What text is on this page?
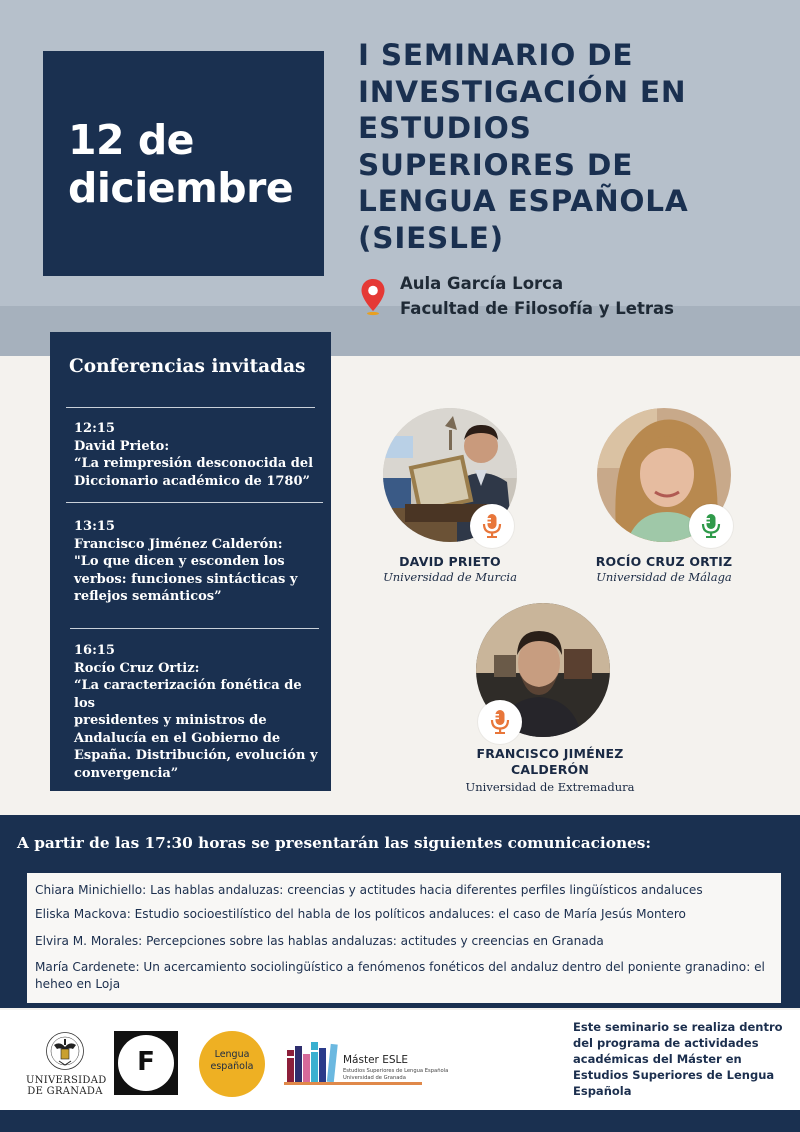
12 de
diciembre
I SEMINARIO DE
INVESTIGACIÓN EN
ESTUDIOS
SUPERIORES DE
LENGUA ESPAÑOLA
(SIESLE)
Aula García Lorca
Facultad de Filosofía y Letras
Conferencias invitadas
12:15
David Prieto:
“La reimpresión desconocida del
Diccionario académico de 1780”
13:15
Francisco Jiménez Calderón:
"Lo que dicen y esconden los
verbos: funciones sintácticas y
reflejos semánticos”
16:15
Rocío Cruz Ortiz:
“La caracterización fonética de los
presidentes y ministros de
Andalucía en el Gobierno de
España. Distribución, evolución y
convergencia”
DAVID PRIETO
Universidad de Murcia
ROCÍO CRUZ ORTIZ
Universidad de Málaga
FRANCISCO JIMÉNEZ
CALDERÓN
Universidad de Extremadura
A partir de las 17:30 horas se presentarán las siguientes comunicaciones:
Chiara Minichiello: Las hablas andaluzas: creencias y actitudes hacia diferentes perfiles lingüísticos andaluces
Eliska Mackova: Estudio socioestilístico del habla de los políticos andaluces: el caso de María Jesús Montero
Elvira M. Morales: Percepciones sobre las hablas andaluzas: actitudes y creencias en Granada
María Cardenete: Un acercamiento sociolingüístico a fenómenos fonéticos del andaluz dentro del poniente granadino: el heheo en Loja
UNIVERSIDAD
DE GRANADA
F	Lengua
española
Máster ESLE
Estudios Superiores de Lengua Española
Universidad de Granada
Este seminario se realiza dentro del programa de actividades académicas del Máster en Estudios Superiores de Lengua Española
